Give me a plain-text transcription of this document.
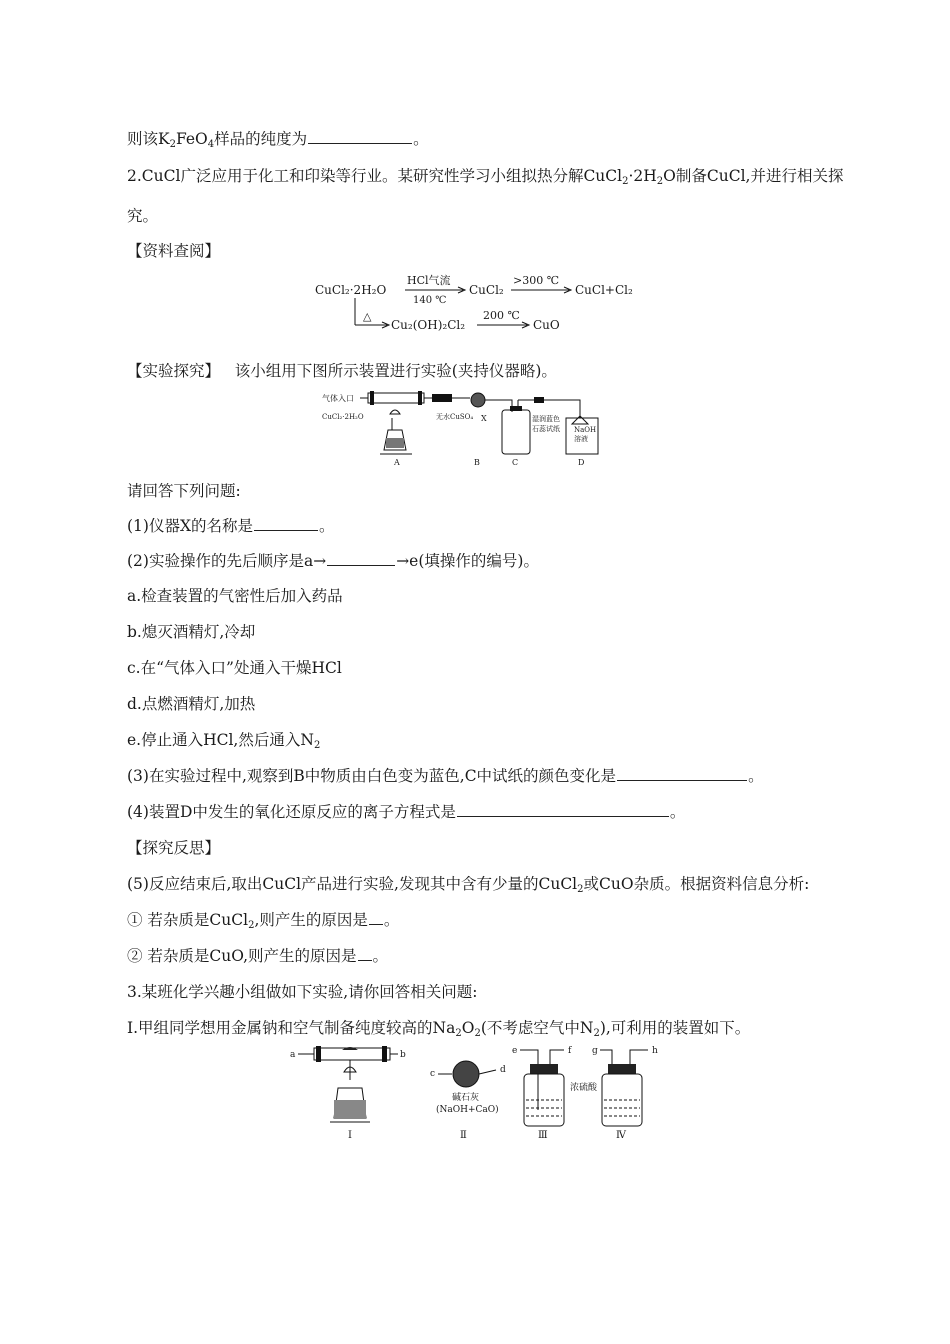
则该$K_2FeO_4$样品的纯度为	。
2.CuCl广泛应用于化工和印染等行业。某研究性学习小组拟热分解$CuCl_2\cdot 2H_2O$制备CuCl,并进行相关探
究。
【资料查阅】
CuCl₂·2H₂O
HCl气流
140 ℃
CuCl₂
>300 ℃
CuCl+Cl₂
△
Cu₂(OH)₂Cl₂
200 ℃
CuO
【实验探究】 该小组用下图所示装置进行实验(夹持仪器略)。
气体入口
CuCl₂·2H₂O	无水CuSO₄ X	湿润蓝色
石蕊试纸 NaOH
溶液
A	B	C	D
请回答下列问题:
(1)仪器X的名称是	。
(2)实验操作的先后顺序是a→	→e(填操作的编号)。
a.检查装置的气密性后加入药品
b.熄灭酒精灯,冷却
c.在“气体入口”处通入干燥HCl
d.点燃酒精灯,加热
e.停止通入HCl,然后通入$N_2$
(3)在实验过程中,观察到B中物质由白色变为蓝色,C中试纸的颜色变化是	。
(4)装置D中发生的氧化还原反应的离子方程式是	。
【探究反思】
(5)反应结束后,取出CuCl产品进行实验,发现其中含有少量的CuCl$_2$或CuO杂质。根据资料信息分析:
① 若杂质是CuCl$_2$,则产生的原因是 。
② 若杂质是CuO,则产生的原因是 。
3.某班化学兴趣小组做如下实验,请你回答相关问题:
Ⅰ.甲组同学想用金属钠和空气制备纯度较高的$Na_2O_2$(不考虑空气中$N_2$),可利用的装置如下。
a	b
Ⅰ
c	d
碱石灰
(NaOH+CaO)
Ⅱ
e	f
浓硫酸
Ⅲ
g	h
Ⅳ
